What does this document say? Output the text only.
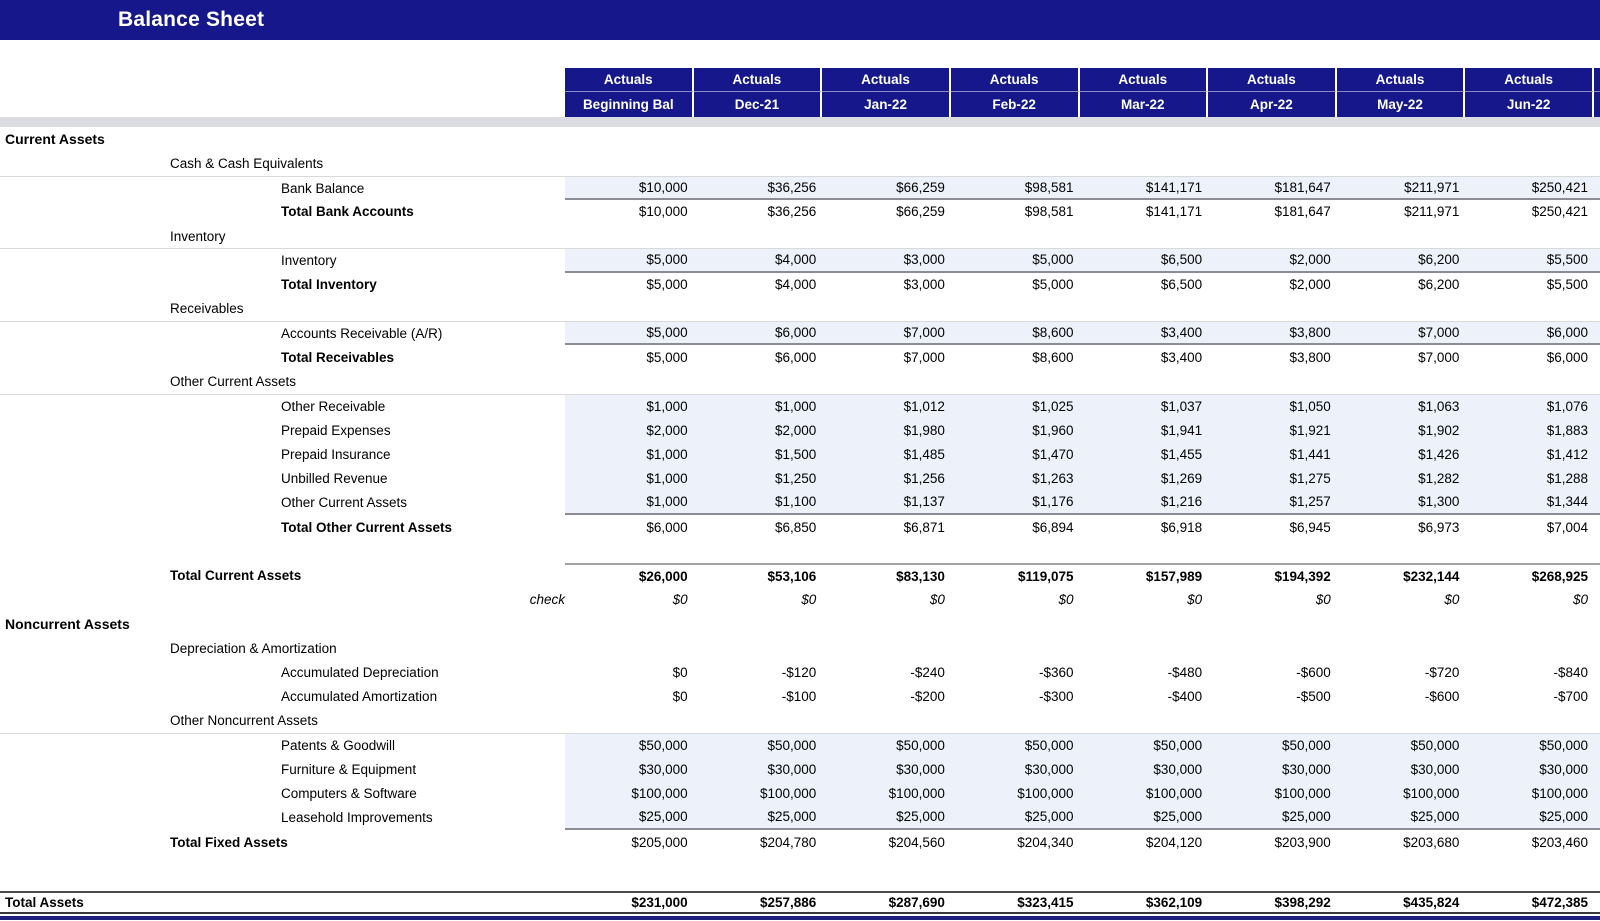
Balance Sheet
Actuals	Actuals	Actuals	Actuals	Actuals	Actuals	Actuals	Actuals
Beginning Bal	Dec-21	Jan-22	Feb-22	Mar-22	Apr-22	May-22	Jun-22
Current Assets
Cash & Cash Equivalents
Bank Balance	$10,000	$36,256	$66,259	$98,581	$141,171	$181,647	$211,971	$250,421
Total Bank Accounts	$10,000	$36,256	$66,259	$98,581	$141,171	$181,647	$211,971	$250,421
Inventory
Inventory	$5,000	$4,000	$3,000	$5,000	$6,500	$2,000	$6,200	$5,500
Total Inventory	$5,000	$4,000	$3,000	$5,000	$6,500	$2,000	$6,200	$5,500
Receivables
Accounts Receivable (A/R)	$5,000	$6,000	$7,000	$8,600	$3,400	$3,800	$7,000	$6,000
Total Receivables	$5,000	$6,000	$7,000	$8,600	$3,400	$3,800	$7,000	$6,000
Other Current Assets
Other Receivable	$1,000	$1,000	$1,012	$1,025	$1,037	$1,050	$1,063	$1,076
Prepaid Expenses	$2,000	$2,000	$1,980	$1,960	$1,941	$1,921	$1,902	$1,883
Prepaid Insurance	$1,000	$1,500	$1,485	$1,470	$1,455	$1,441	$1,426	$1,412
Unbilled Revenue	$1,000	$1,250	$1,256	$1,263	$1,269	$1,275	$1,282	$1,288
Other Current Assets	$1,000	$1,100	$1,137	$1,176	$1,216	$1,257	$1,300	$1,344
Total Other Current Assets	$6,000	$6,850	$6,871	$6,894	$6,918	$6,945	$6,973	$7,004
Total Current Assets	$26,000	$53,106	$83,130	$119,075	$157,989	$194,392	$232,144	$268,925
check	$0	$0	$0	$0	$0	$0	$0	$0
Noncurrent Assets
Depreciation & Amortization
Accumulated Depreciation	$0	-$120	-$240	-$360	-$480	-$600	-$720	-$840
Accumulated Amortization	$0	-$100	-$200	-$300	-$400	-$500	-$600	-$700
Other Noncurrent Assets
Patents & Goodwill	$50,000	$50,000	$50,000	$50,000	$50,000	$50,000	$50,000	$50,000
Furniture & Equipment	$30,000	$30,000	$30,000	$30,000	$30,000	$30,000	$30,000	$30,000
Computers & Software	$100,000	$100,000	$100,000	$100,000	$100,000	$100,000	$100,000	$100,000
Leasehold Improvements	$25,000	$25,000	$25,000	$25,000	$25,000	$25,000	$25,000	$25,000
Total Fixed Assets	$205,000	$204,780	$204,560	$204,340	$204,120	$203,900	$203,680	$203,460
Total Assets	$231,000	$257,886	$287,690	$323,415	$362,109	$398,292	$435,824	$472,385
